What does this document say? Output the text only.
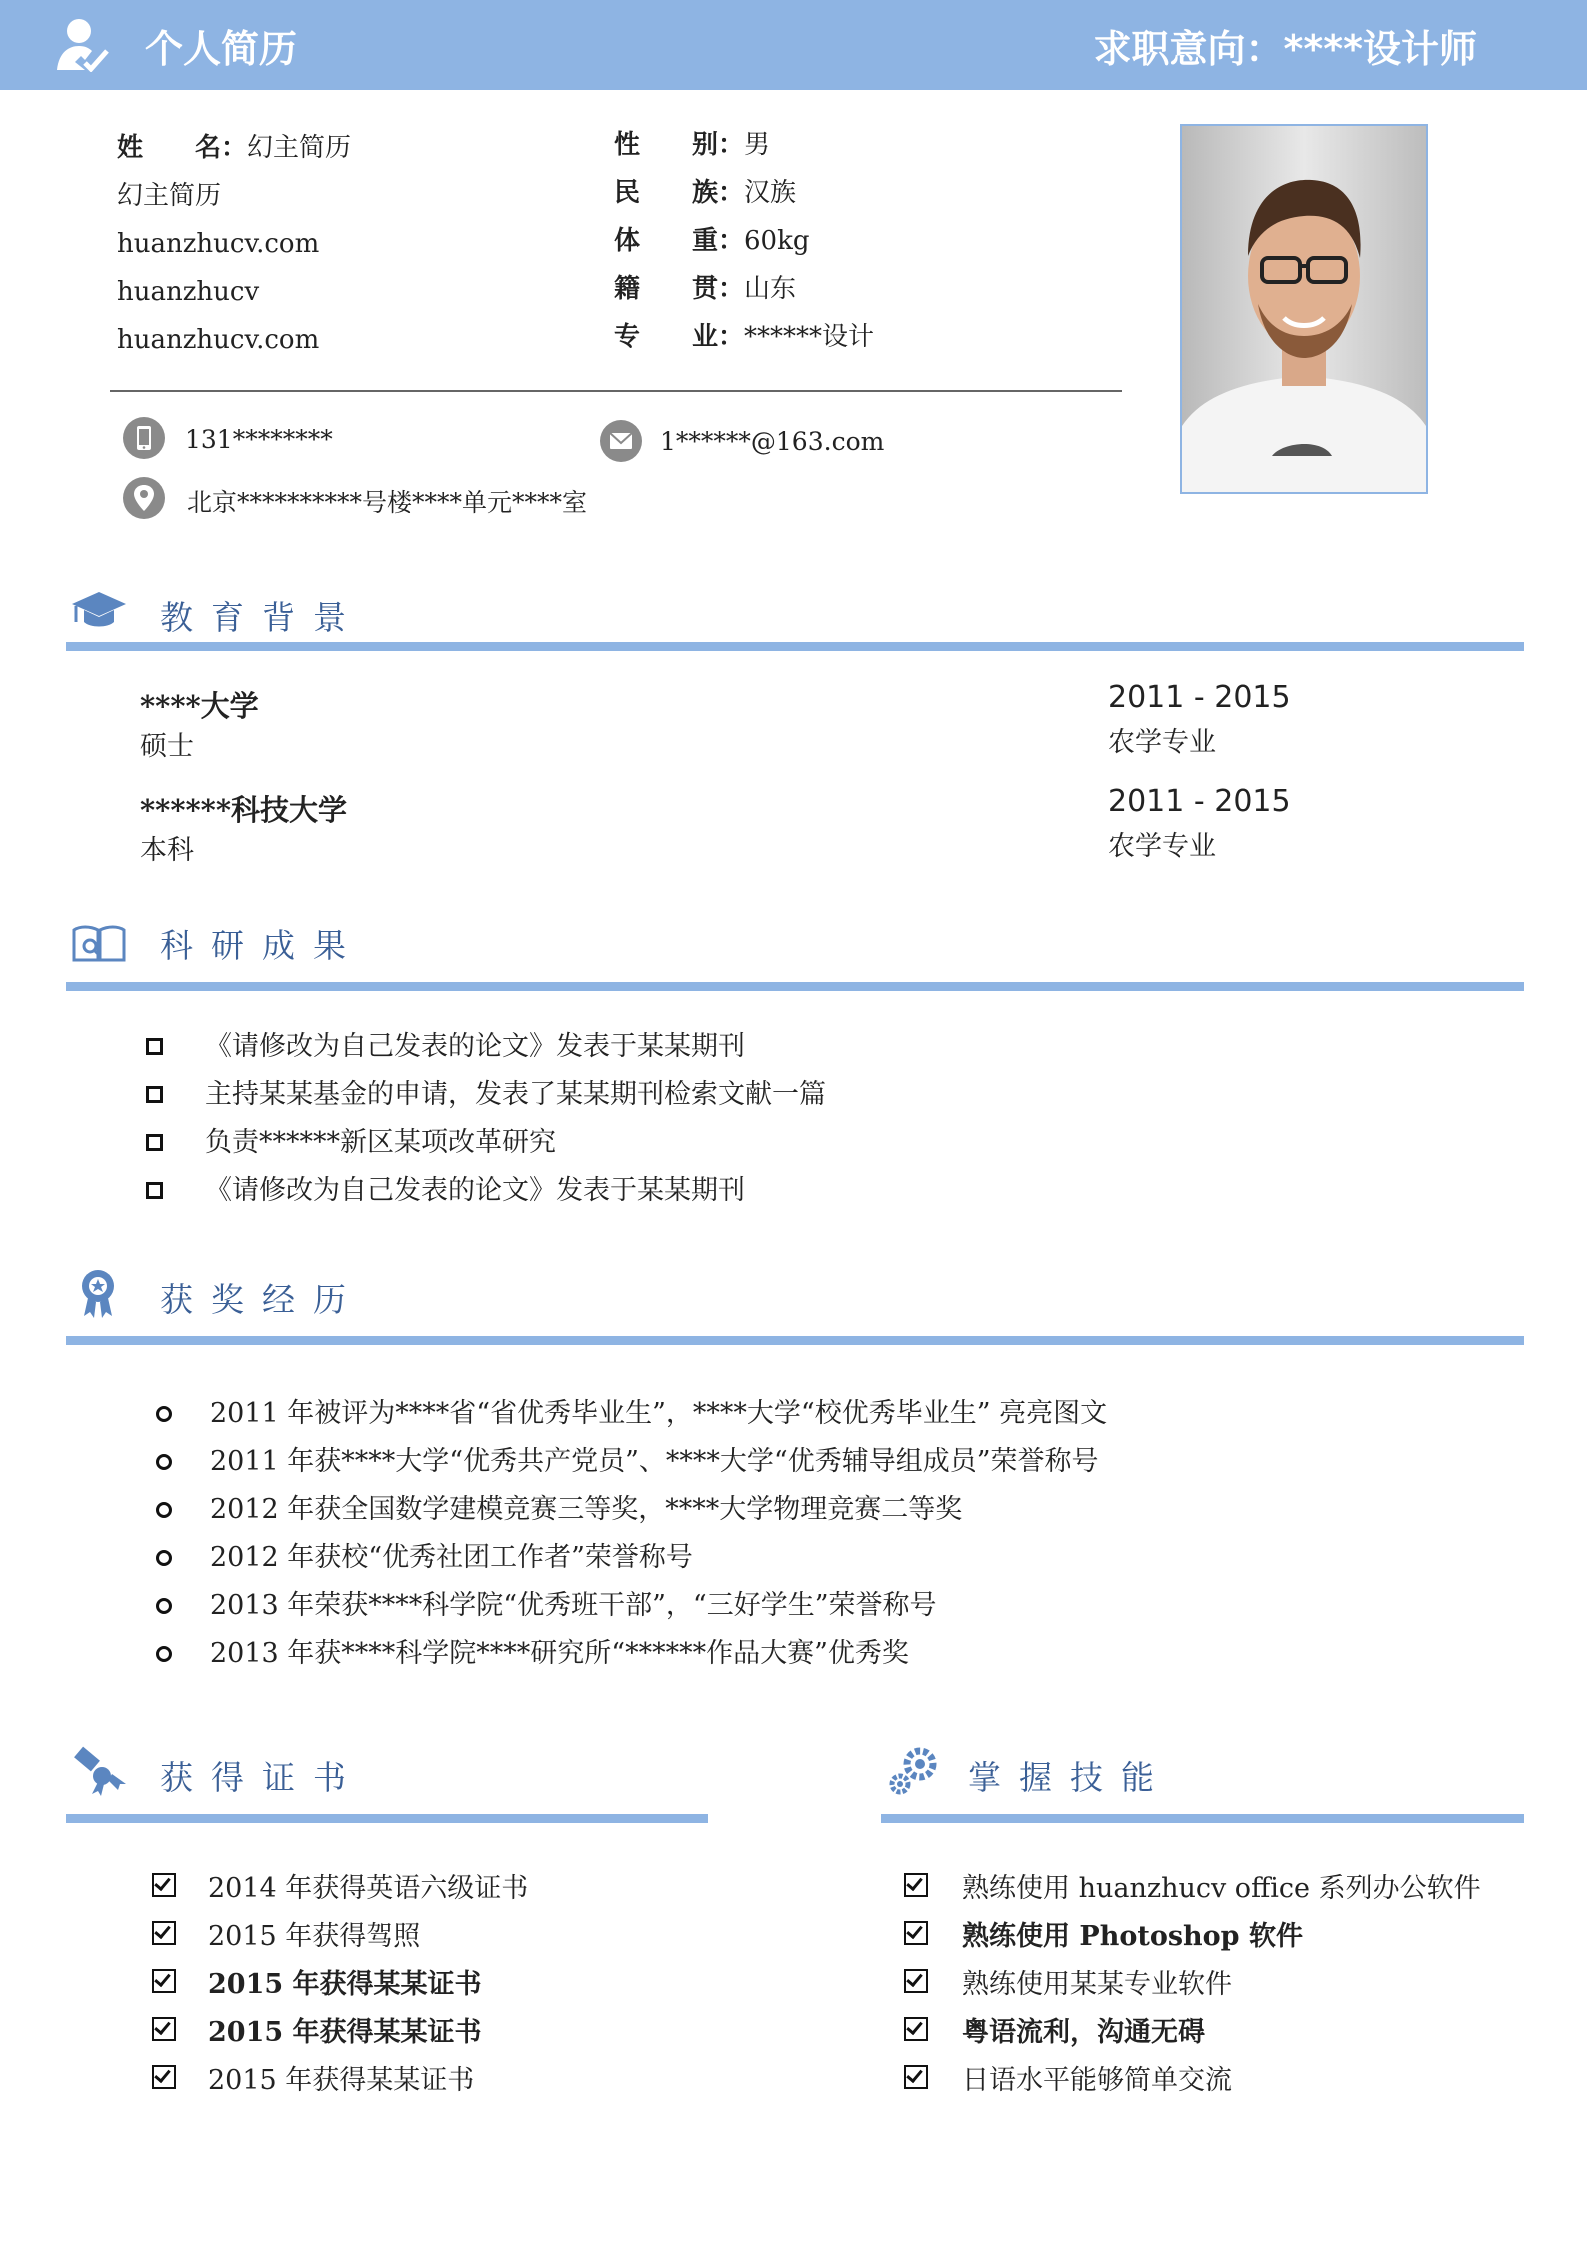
个人简历	求职意向：****设计师
姓　　名：幻主简历
幻主简历
huanzhucv.com
huanzhucv
huanzhucv.com
性　　别：男
民　　族：汉族
体　　重：60kg
籍　　贯：山东
专　　业：******设计
131********	1******@163.com
北京**********号楼****单元****室
教育背景
****大学
硕士
2011 - 2015
农学专业
******科技大学
本科
2011 - 2015
农学专业
科研成果
《请修改为自己发表的论文》发表于某某期刊
主持某某基金的申请，发表了某某期刊检索文献一篇
负责******新区某项改革研究
《请修改为自己发表的论文》发表于某某期刊
获奖经历
2011 年被评为****省“省优秀毕业生”，****大学“校优秀毕业生” 亮亮图文
2011 年获****大学“优秀共产党员”、****大学“优秀辅导组成员”荣誉称号
2012 年获全国数学建模竞赛三等奖，****大学物理竞赛二等奖
2012 年获校“优秀社团工作者”荣誉称号
2013 年荣获****科学院“优秀班干部”，“三好学生”荣誉称号
2013 年获****科学院****研究所“******作品大赛”优秀奖
获得证书
2014 年获得英语六级证书
2015 年获得驾照
2015 年获得某某证书
2015 年获得某某证书
2015 年获得某某证书
掌握技能
熟练使用 huanzhucv office 系列办公软件
熟练使用 Photoshop 软件
熟练使用某某专业软件
粤语流利，沟通无碍
日语水平能够简单交流
